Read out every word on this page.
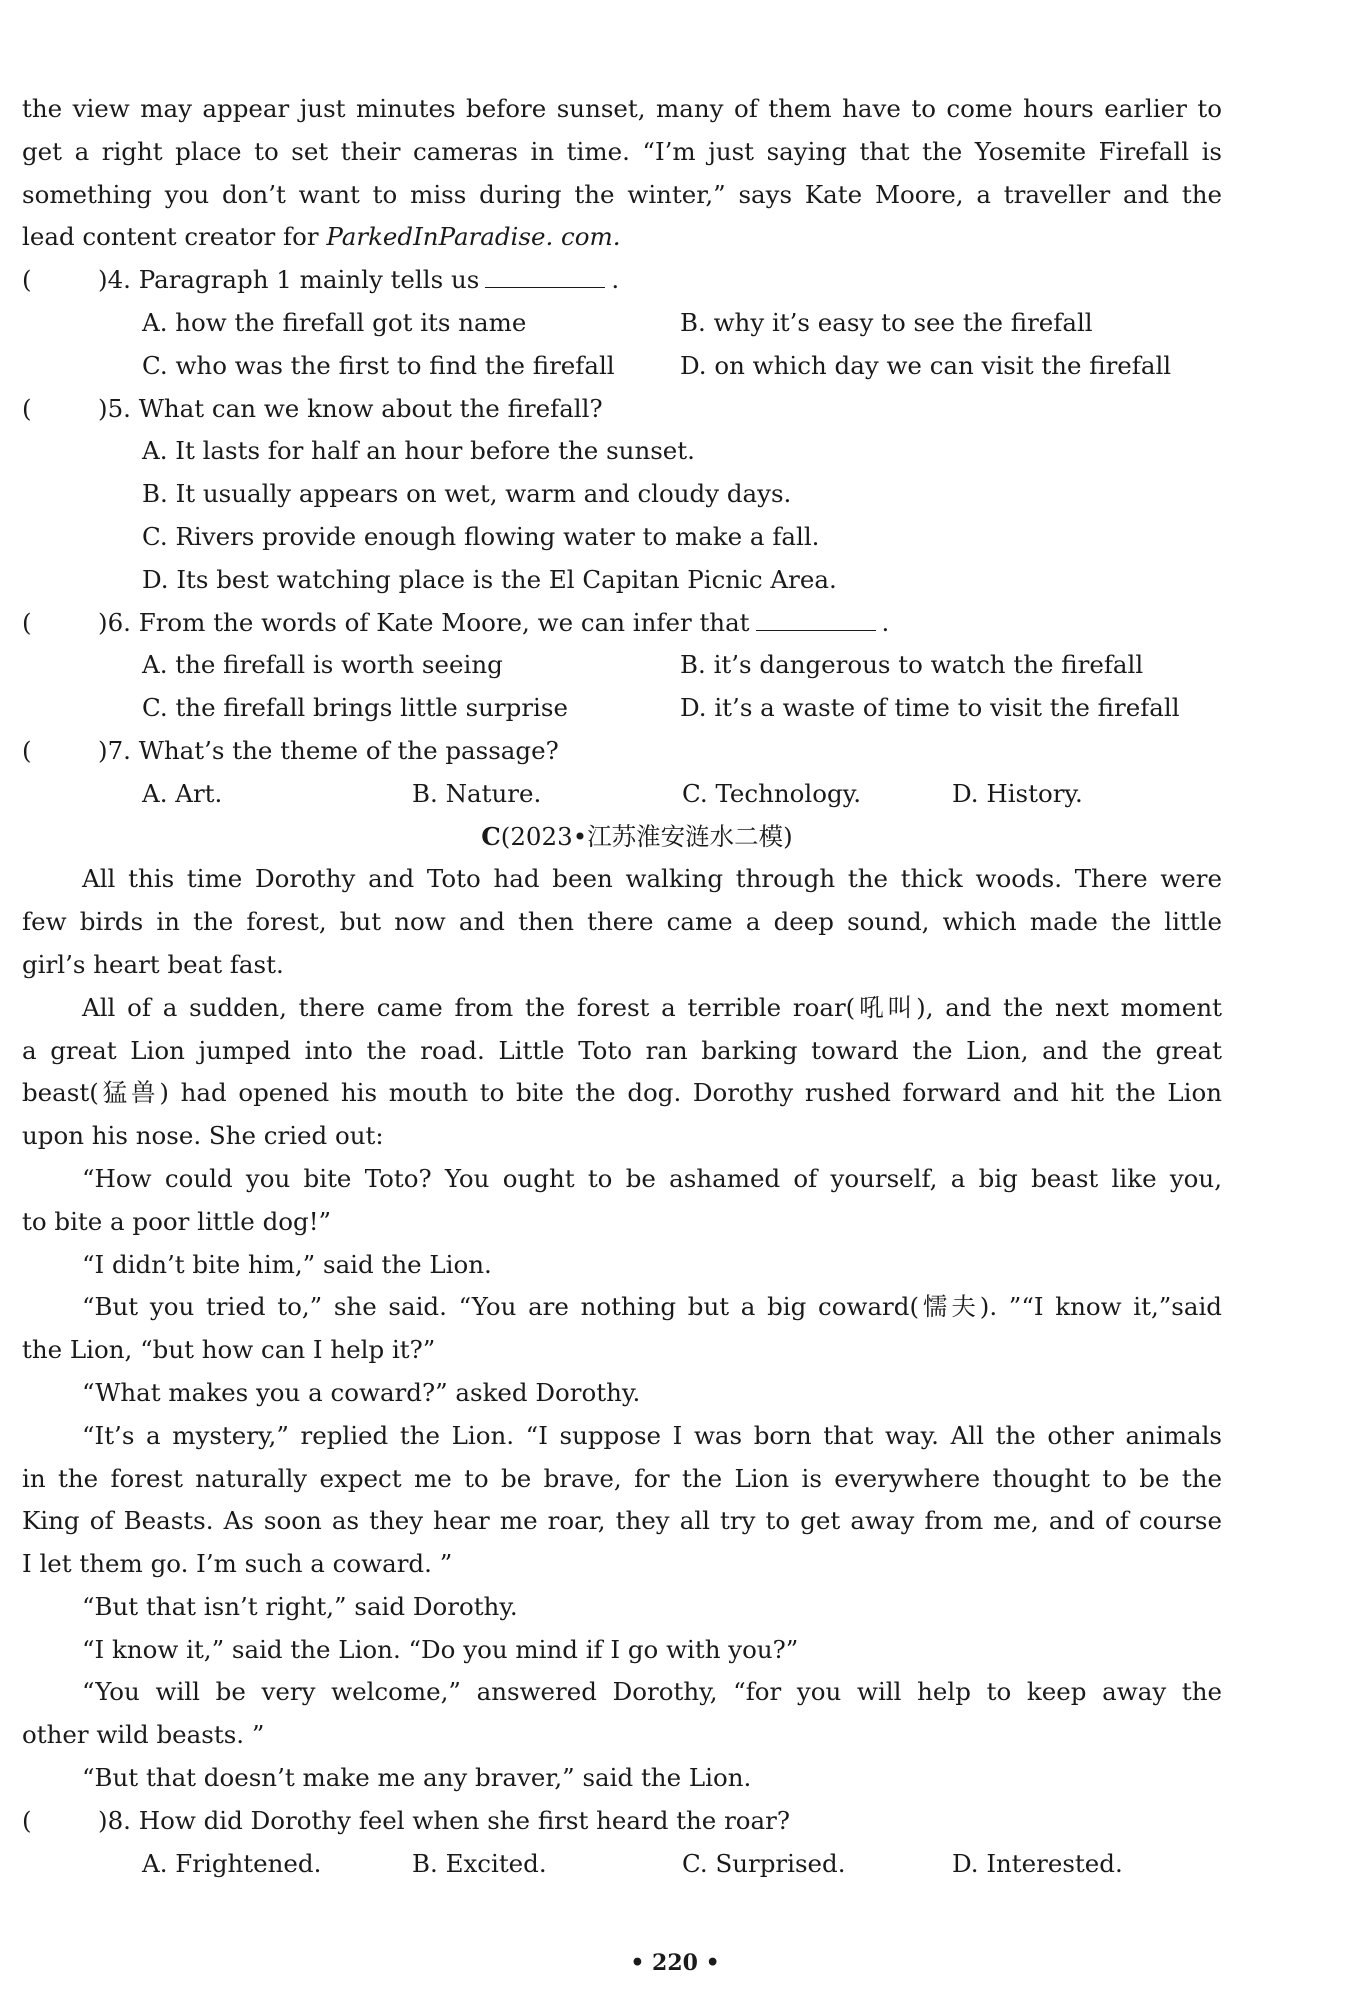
the view may appear just minutes before sunset, many of them have to come hours earlier to
get a right place to set their cameras in time. “I’m just saying that the Yosemite Firefall is
something you don’t want to miss during the winter,” says Kate Moore, a traveller and the
lead content creator for ParkedInParadise. com.
(	)4. Paragraph 1 mainly tells us	.
A. how the firefall got its name	B. why it’s easy to see the firefall
C. who was the first to find the firefall	D. on which day we can visit the firefall
(	)5. What can we know about the firefall?
A. It lasts for half an hour before the sunset.
B. It usually appears on wet, warm and cloudy days.
C. Rivers provide enough flowing water to make a fall.
D. Its best watching place is the El Capitan Picnic Area.
(	)6. From the words of Kate Moore, we can infer that	.
A. the firefall is worth seeing	B. it’s dangerous to watch the firefall
C. the firefall brings little surprise	D. it’s a waste of time to visit the firefall
(	)7. What’s the theme of the passage?
A. Art.	B. Nature.	C. Technology.	D. History.
C(2023•江苏淮安涟水二模)
All this time Dorothy and Toto had been walking through the thick woods. There were
few birds in the forest, but now and then there came a deep sound, which made the little
girl’s heart beat fast.
All of a sudden, there came from the forest a terrible roar(吼叫), and the next moment
a great Lion jumped into the road. Little Toto ran barking toward the Lion, and the great
beast(猛兽) had opened his mouth to bite the dog. Dorothy rushed forward and hit the Lion
upon his nose. She cried out:
“How could you bite Toto? You ought to be ashamed of yourself, a big beast like you,
to bite a poor little dog!”
“I didn’t bite him,” said the Lion.
“But you tried to,” she said. “You are nothing but a big coward(懦夫). ”“I know it,”said
the Lion, “but how can I help it?”
“What makes you a coward?” asked Dorothy.
“It’s a mystery,” replied the Lion. “I suppose I was born that way. All the other animals
in the forest naturally expect me to be brave, for the Lion is everywhere thought to be the
King of Beasts. As soon as they hear me roar, they all try to get away from me, and of course
I let them go. I’m such a coward. ”
“But that isn’t right,” said Dorothy.
“I know it,” said the Lion. “Do you mind if I go with you?”
“You will be very welcome,” answered Dorothy, “for you will help to keep away the
other wild beasts. ”
“But that doesn’t make me any braver,” said the Lion.
(	)8. How did Dorothy feel when she first heard the roar?
A. Frightened.	B. Excited.	C. Surprised.	D. Interested.
• 220 •
